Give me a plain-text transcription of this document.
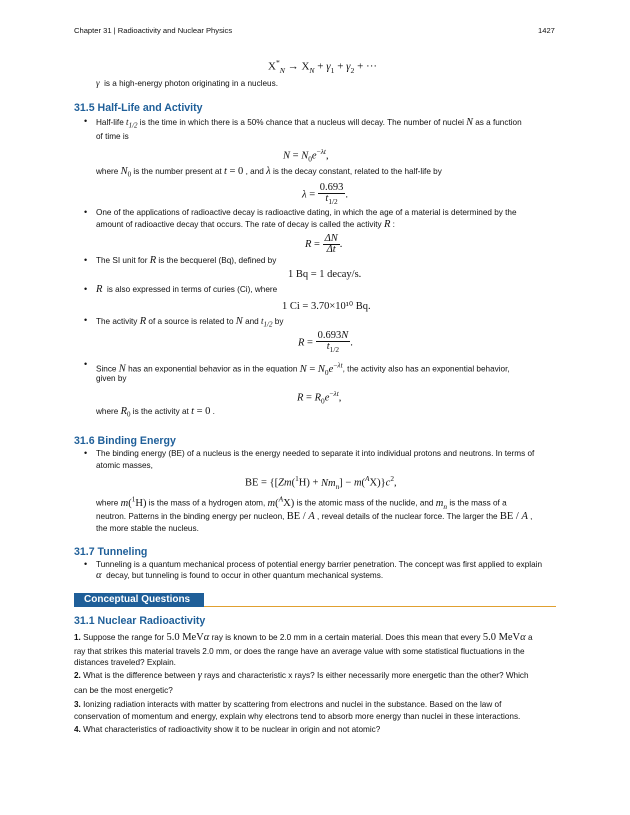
Chapter 31 | Radioactivity and Nuclear Physics	1427
$X^*_N \to X_N + \gamma_1 + \gamma_2$ + ···
γ is a high-energy photon originating in a nucleus.
31.5 Half-Life and Activity
• Half-life $t_{1/2}$ is the time in which there is a 50% chance that a nucleus will decay. The number of nuclei N as a function
of time is
$N = N_0e^{-\lambda t}$,
where $N_0$ is the number present at t = 0 , and λ is the decay constant, related to the half-life by
$\lambda = \frac{0.693}{t_{1/2}}$ .
• One of the applications of radioactive decay is radioactive dating, in which the age of a material is determined by the
amount of radioactive decay that occurs. The rate of decay is called the activity R :
$R = \frac{\Delta N}{\Delta t}$ .
• The SI unit for R is the becquerel (Bq), defined by
1 Bq = 1 decay/s.
• R is also expressed in terms of curies (Ci), where
1 Ci = 3.70×10¹⁰ Bq.
• The activity R of a source is related to N and $t_{1/2}$ by
$R = \frac{0.693N}{t_{1/2}}$ .
• Since N has an exponential behavior as in the equation $N = N_0e^{-\lambda t}$, the activity also has an exponential behavior,
given by
$R = R_0e^{-\lambda t}$,
where $R_0$ is the activity at t = 0 .
31.6 Binding Energy
• The binding energy (BE) of a nucleus is the energy needed to separate it into individual protons and neutrons. In terms of
atomic masses,
BE = $\{[Zm(^1H) + Nm_n] - m(^AX)\}c^2$,
where m($^1$H) is the mass of a hydrogen atom, m($^A$X) is the atomic mass of the nuclide, and $m_n$ is the mass of a
neutron. Patterns in the binding energy per nucleon, BE / A , reveal details of the nuclear force. The larger the BE / A ,
the more stable the nucleus.
31.7 Tunneling
• Tunneling is a quantum mechanical process of potential energy barrier penetration. The concept was first applied to explain
α decay, but tunneling is found to occur in other quantum mechanical systems.
Conceptual Questions
31.1 Nuclear Radioactivity
1. Suppose the range for 5.0 MeVα ray is known to be 2.0 mm in a certain material. Does this mean that every 5.0 MeVα a
ray that strikes this material travels 2.0 mm, or does the range have an average value with some statistical fluctuations in the
distances traveled? Explain.
2. What is the difference between γ rays and characteristic x rays? Is either necessarily more energetic than the other? Which
can be the most energetic?
3. Ionizing radiation interacts with matter by scattering from electrons and nuclei in the substance. Based on the law of
conservation of momentum and energy, explain why electrons tend to absorb more energy than nuclei in these interactions.
4. What characteristics of radioactivity show it to be nuclear in origin and not atomic?
